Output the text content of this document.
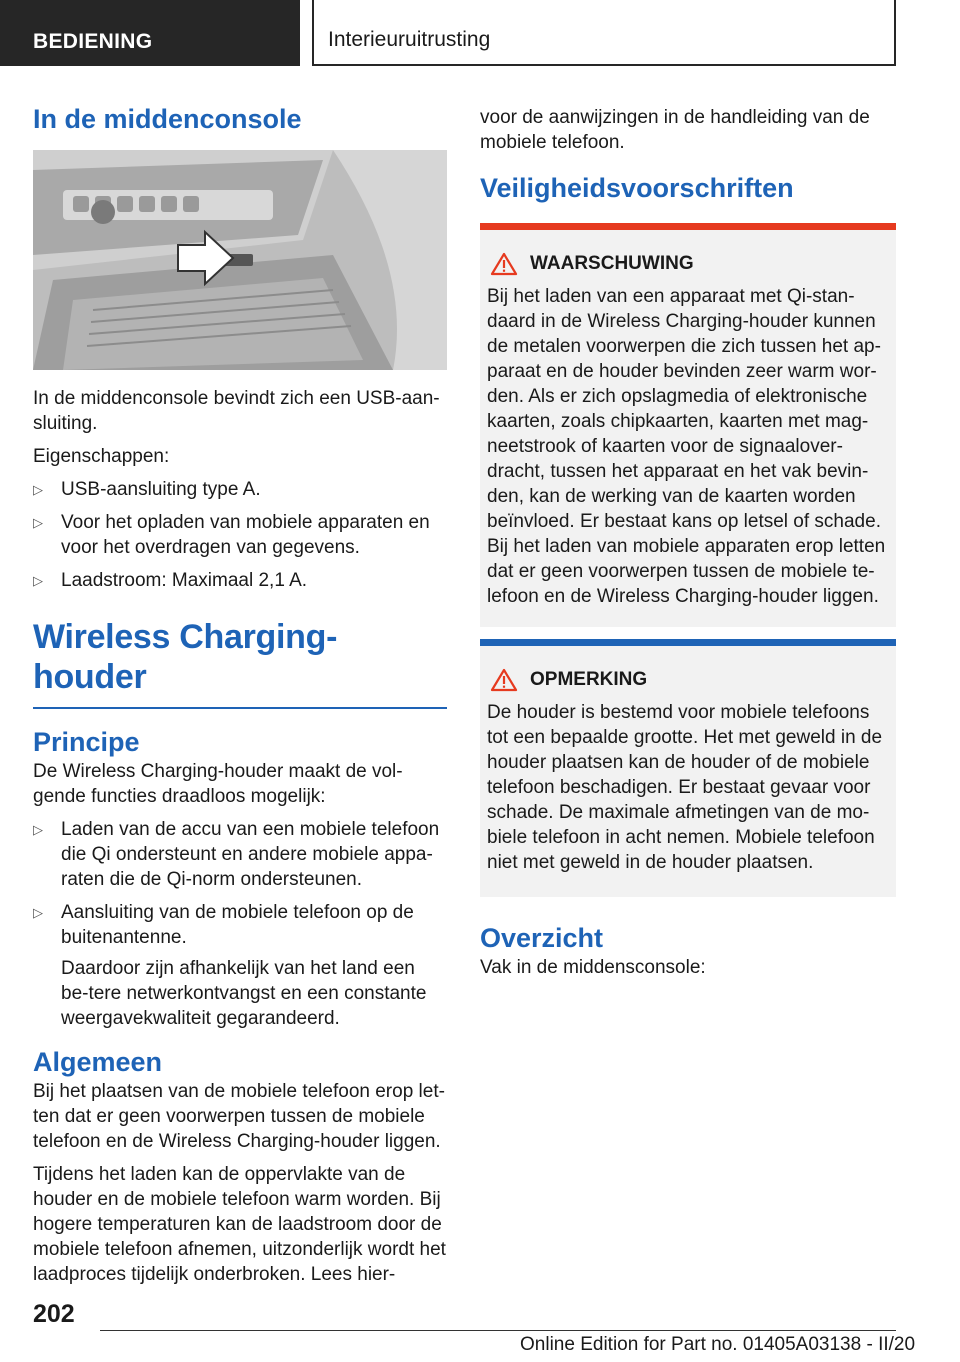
BEDIENING	Interieuruitrusting
In de middenconsole

In de middenconsole bevindt zich een USB-aan-sluiting.

Eigenschappen:

▷ USB-aansluiting type A.
▷ Voor het opladen van mobiele apparaten en voor het overdragen van gegevens.
▷ Laadstroom: Maximaal 2,1 A.
Wireless Charging-houder
Principe

De Wireless Charging-houder maakt de vol-gende functies draadloos mogelijk:

▷ Laden van de accu van een mobiele telefoon die Qi ondersteunt en andere mobiele appa-raten die de Qi-norm ondersteunen.
▷ Aansluiting van de mobiele telefoon op de buitenantenne.

Daardoor zijn afhankelijk van het land een be-tere netwerkontvangst en een constante weergavekwaliteit gegarandeerd.

Algemeen

Bij het plaatsen van de mobiele telefoon erop let-ten dat er geen voorwerpen tussen de mobiele telefoon en de Wireless Charging-houder liggen.

Tijdens het laden kan de oppervlakte van de houder en de mobiele telefoon warm worden. Bij hogere temperaturen kan de laadstroom door de mobiele telefoon afnemen, uitzonderlijk wordt het laadproces tijdelijk onderbroken. Lees hier-

voor de aanwijzingen in de handleiding van de mobiele telefoon.

Veiligheidsvoorschriften
WAARSCHUWING

Bij het laden van een apparaat met Qi-stan-daard in de Wireless Charging-houder kunnen de metalen voorwerpen die zich tussen het ap-paraat en de houder bevinden zeer warm wor-den. Als er zich opslagmedia of elektronische kaarten, zoals chipkaarten, kaarten met mag-neetstrook of kaarten voor de signaalover-dracht, tussen het apparaat en het vak bevin-den, kan de werking van de kaarten worden beïnvloed. Er bestaat kans op letsel of schade.

Bij het laden van mobiele apparaten erop letten dat er geen voorwerpen tussen de mobiele te-lefoon en de Wireless Charging-houder liggen.

OPMERKING

De houder is bestemd voor mobiele telefoons tot een bepaalde grootte. Het met geweld in de houder plaatsen kan de houder of de mobiele telefoon beschadigen. Er bestaat gevaar voor schade. De maximale afmetingen van de mo-biele telefoon in acht nemen. Mobiele telefoon niet met geweld in de houder plaatsen.

Overzicht

Vak in de middensconsole:

202
Online Edition for Part no. 01405A03138 - II/20
